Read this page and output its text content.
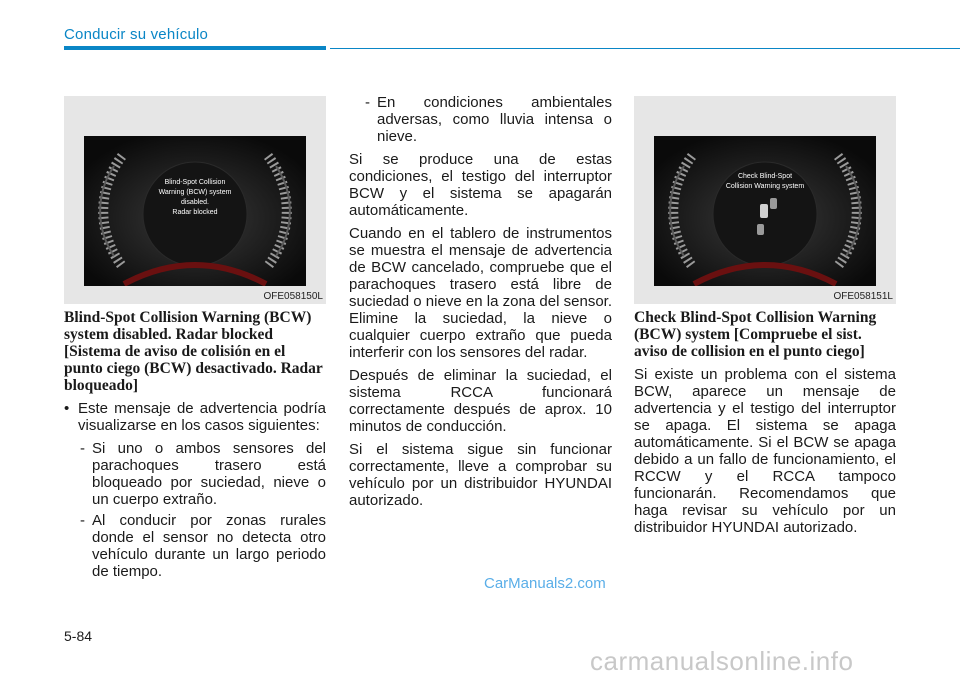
Conducir su vehículo
Blind-Spot Collision
Warning (BCW) system
disabled.
Radar blocked
OFE058150L
Check Blind-Spot
Collision Warning system
OFE058151L
Blind-Spot Collision Warning (BCW) system disabled. Radar blocked [Sistema de aviso de colisión en el punto ciego (BCW) desactivado. Radar bloqueado]
• Este mensaje de advertencia podría visualizarse en los casos siguientes:
- Si uno o ambos sensores del parachoques trasero está bloqueado por suciedad, nieve o un cuerpo extraño.
- Al conducir por zonas rurales donde el sensor no detecta otro vehículo durante un largo periodo de tiempo.
- En condiciones ambientales adversas, como lluvia intensa o nieve.
Si se produce una de estas condiciones, el testigo del interruptor BCW y el sistema se apagarán automáticamente.
Cuando en el tablero de instrumentos se muestra el mensaje de advertencia de BCW cancelado, compruebe que el parachoques trasero está libre de suciedad o nieve en la zona del sensor. Elimine la suciedad, la nieve o cualquier cuerpo extraño que pueda interferir con los sensores del radar.
Después de eliminar la suciedad, el sistema RCCA funcionará correctamente después de aprox. 10 minutos de conducción.
Si el sistema sigue sin funcionar correctamente, lleve a comprobar su vehículo por un distribuidor HYUNDAI autorizado.
Check Blind-Spot Collision Warning (BCW) system [Compruebe el sist. aviso de collision en el punto ciego]
Si existe un problema con el sistema BCW, aparece un mensaje de advertencia y el testigo del interruptor se apaga. El sistema se apaga automáticamente. Si el BCW se apaga debido a un fallo de funcionamiento, el RCCW y el RCCA tampoco funcionarán. Recomendamos que haga revisar su vehículo por un distribuidor HYUNDAI autorizado.
CarManuals2.com
5-84
carmanualsonline.info
